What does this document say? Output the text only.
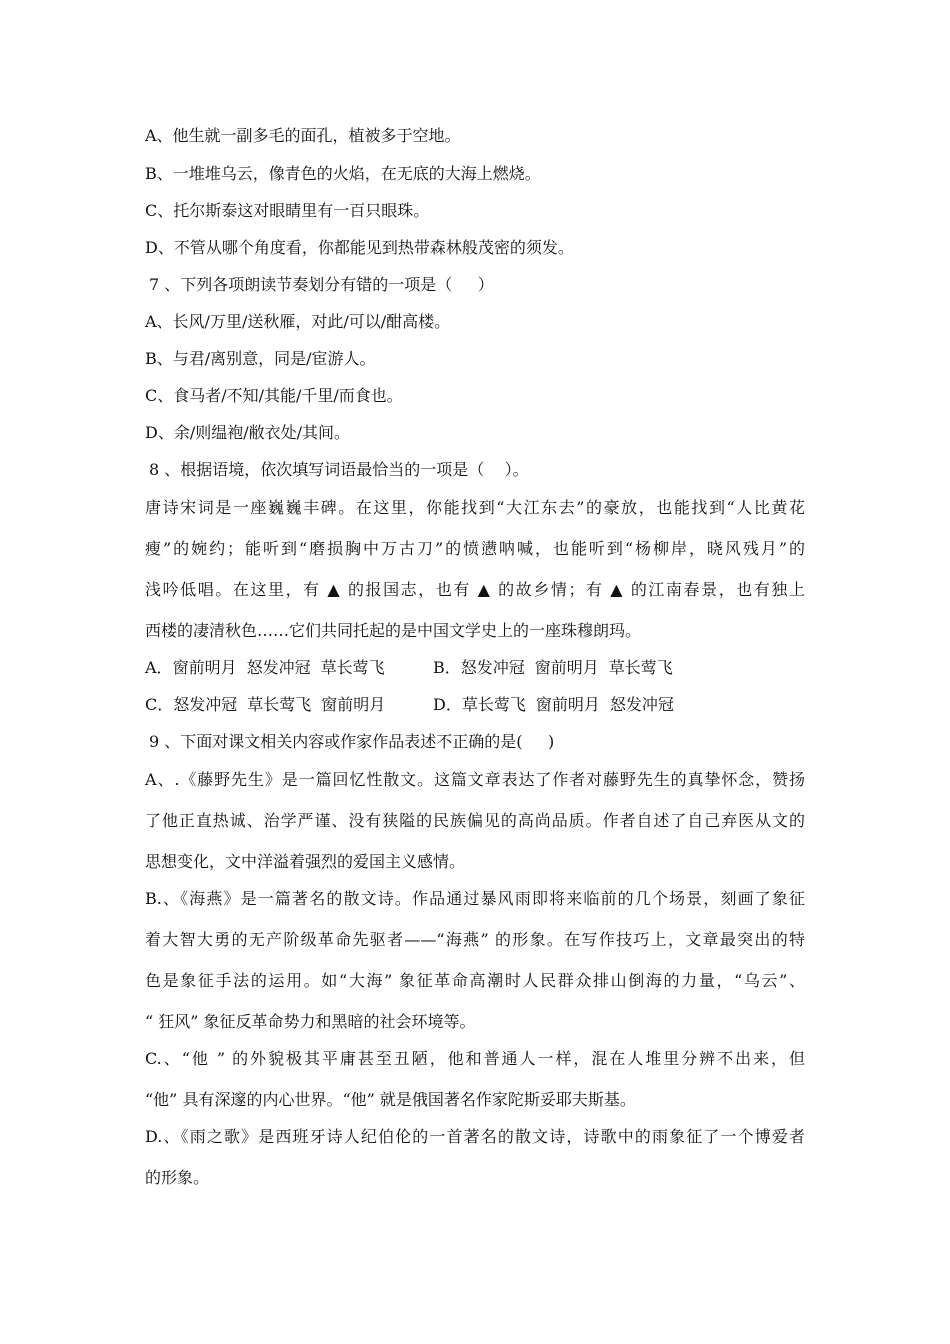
A、他生就一副多毛的面孔，植被多于空地。
B、一堆堆乌云，像青色的火焰，在无底的大海上燃烧。
C、托尔斯泰这对眼睛里有一百只眼珠。
D、不管从哪个角度看，你都能见到热带森林般茂密的须发。
7 、下列各项朗读节奏划分有错的一项是（     ）
A、长风/万里/送秋雁，对此/可以/酣高楼。
B、与君/离别意，同是/宦游人。
C、食马者/不知/其能/千里/而食也。
D、余/则缊袍/敝衣处/其间。
8 、根据语境，依次填写词语最恰当的一项是（    ）。
唐诗宋词是一座巍巍丰碑。在这里，你能找到“大江东去”的豪放，也能找到“人比黄花
瘦”的婉约；能听到“磨损胸中万古刀”的愤懑呐喊，也能听到“杨柳岸，晓风残月”的
浅吟低唱。在这里，有 ▲ 的报国志，也有 ▲ 的故乡情；有 ▲ 的江南春景，也有独上
西楼的凄清秋色……它们共同托起的是中国文学史上的一座珠穆朗玛。
A．窗前明月 怒发冲冠 草长莺飞	B．怒发冲冠 窗前明月 草长莺飞
C．怒发冲冠 草长莺飞 窗前明月	D．草长莺飞 窗前明月 怒发冲冠
9 、下面对课文相关内容或作家作品表述不正确的是(     )
A、.《藤野先生》是一篇回忆性散文。这篇文章表达了作者对藤野先生的真挚怀念，赞扬
了他正直热诚、治学严谨、没有狭隘的民族偏见的高尚品质。作者自述了自己弃医从文的
思想变化，文中洋溢着强烈的爱国主义感情。
B.、《海燕》是一篇著名的散文诗。作品通过暴风雨即将来临前的几个场景，刻画了象征
着大智大勇的无产阶级革命先驱者——“海燕” 的形象。在写作技巧上，文章最突出的特
色是象征手法的运用。如“大海” 象征革命高潮时人民群众排山倒海的力量，“乌云”、
“ 狂风” 象征反革命势力和黑暗的社会环境等。
C.、“他 ” 的外貌极其平庸甚至丑陋，他和普通人一样，混在人堆里分辨不出来，但
“他” 具有深邃的内心世界。“他” 就是俄国著名作家陀斯妥耶夫斯基。
D.、《雨之歌》是西班牙诗人纪伯伦的一首著名的散文诗，诗歌中的雨象征了一个博爱者
的形象。
